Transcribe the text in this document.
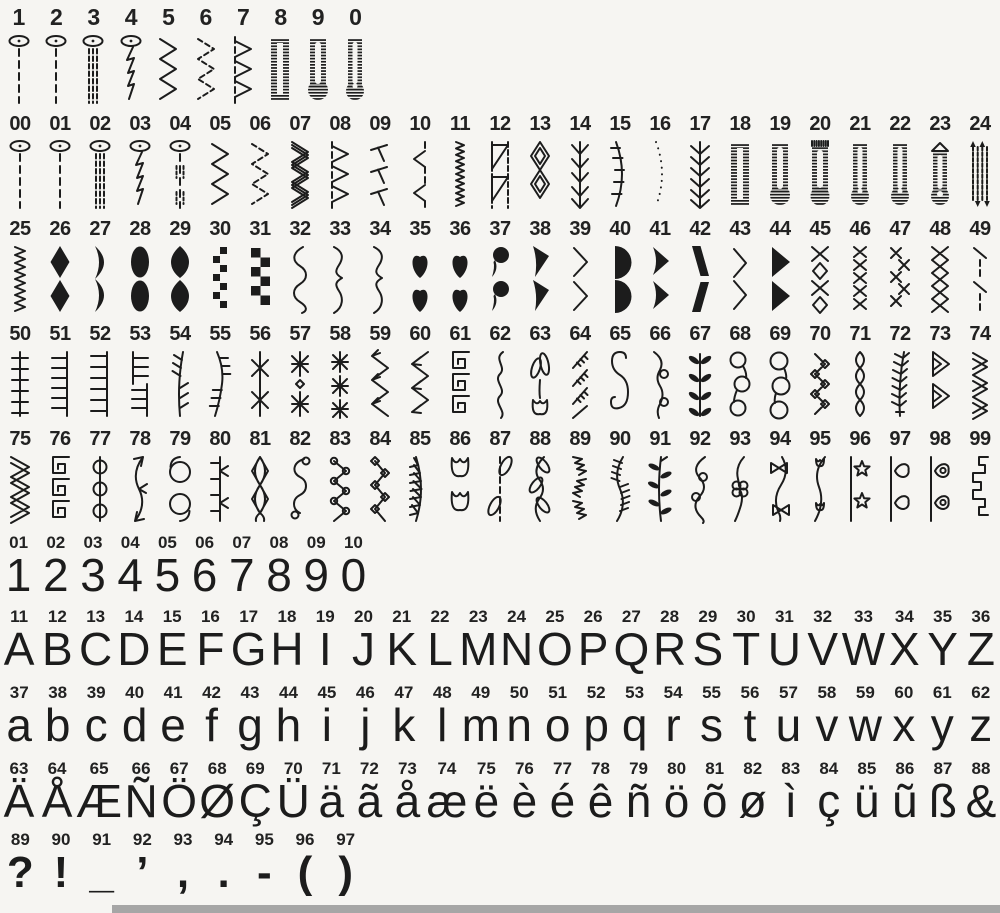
1 2 3 4 5 6 7 8 9 0
00 01 02 03 04 05 06 07 08 09 10 11 12 13 14 15 16 17 18 19 20 21 22 23 24
25 26 27 28 29 30 31 32 33 34 35 36 37 38 39 40 41 42 43 44 45 46 47 48 49
50 51 52 53 54 55 56 57 58 59 60 61 62 63 64 65 66 67 68 69 70 71 72 73 74
75 76 77 78 79 80 81 82 83 84 85 86 87 88 89 90 91 92 93 94 95 96 97 98 99
01
1
02
2
03
3
04
4
05
5
06
6
07
7
08
8
09
9
10
0
11
A
12
B
13
C
14
D
15
E
16
F
17
G
18
H
19
I
20
J
21
K
22
L
23
M
24
N
25
O
26
P
27
Q
28
R
29
S
30
T
31
U
32
V
33
W
34
X
35
Y
36
Z
37
a
38
b
39
c
40
d
41
e
42
f
43
g
44
h
45
i
46
j
47
k
48
l
49
m
50
n
51
o
52
p
53
q
54
r
55
s
56
t
57
u
58
v
59
w
60
x
61
y
62
z
63
Ä
64
Å
65
Æ
66
Ñ
67
Ö
68
Ø
69
Ç
70
Ü
71
ä
72
ã
73
å
74
æ
75
ë
76
è
77
é
78
ê
79
ñ
80
ö
81
õ
82
ø
83
ì
84
ç
85
ü
86
ũ
87
ß
88
&
89
?
90
!
91
_
92
’
93
,
94
.
95
-
96
(
97
)
